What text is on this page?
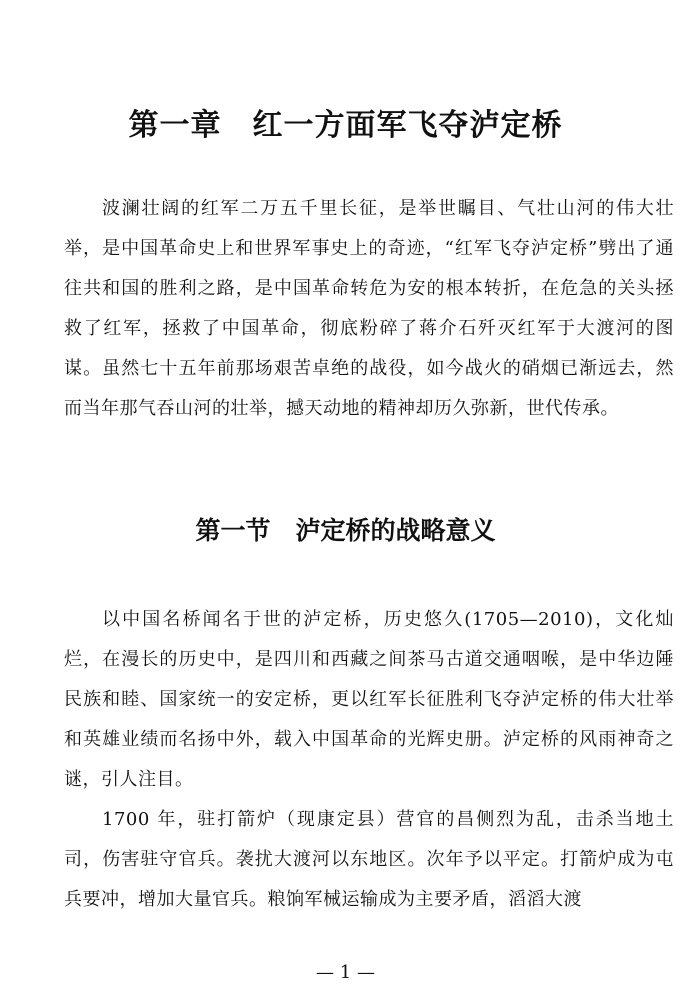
第一章　红一方面军飞夺泸定桥

波澜壮阔的红军二万五千里长征，是举世瞩目、气壮山河的伟大壮举，是中国革命史上和世界军事史上的奇迹，“红军飞夺泸定桥”劈出了通往共和国的胜利之路，是中国革命转危为安的根本转折，在危急的关头拯救了红军，拯救了中国革命，彻底粉碎了蒋介石歼灭红军于大渡河的图谋。虽然七十五年前那场艰苦卓绝的战役，如今战火的硝烟已渐远去，然而当年那气吞山河的壮举，撼天动地的精神却历久弥新，世代传承。

第一节　泸定桥的战略意义

以中国名桥闻名于世的泸定桥，历史悠久(1705—2010)，文化灿烂，在漫长的历史中，是四川和西藏之间茶马古道交通咽喉，是中华边陲民族和睦、国家统一的安定桥，更以红军长征胜利飞夺泸定桥的伟大壮举和英雄业绩而名扬中外，载入中国革命的光辉史册。泸定桥的风雨神奇之谜，引人注目。

1700 年，驻打箭炉（现康定县）营官的昌侧烈为乱，击杀当地土司，伤害驻守官兵。袭扰大渡河以东地区。次年予以平定。打箭炉成为屯兵要冲，增加大量官兵。粮饷军械运输成为主要矛盾，滔滔大渡

— 1 —
